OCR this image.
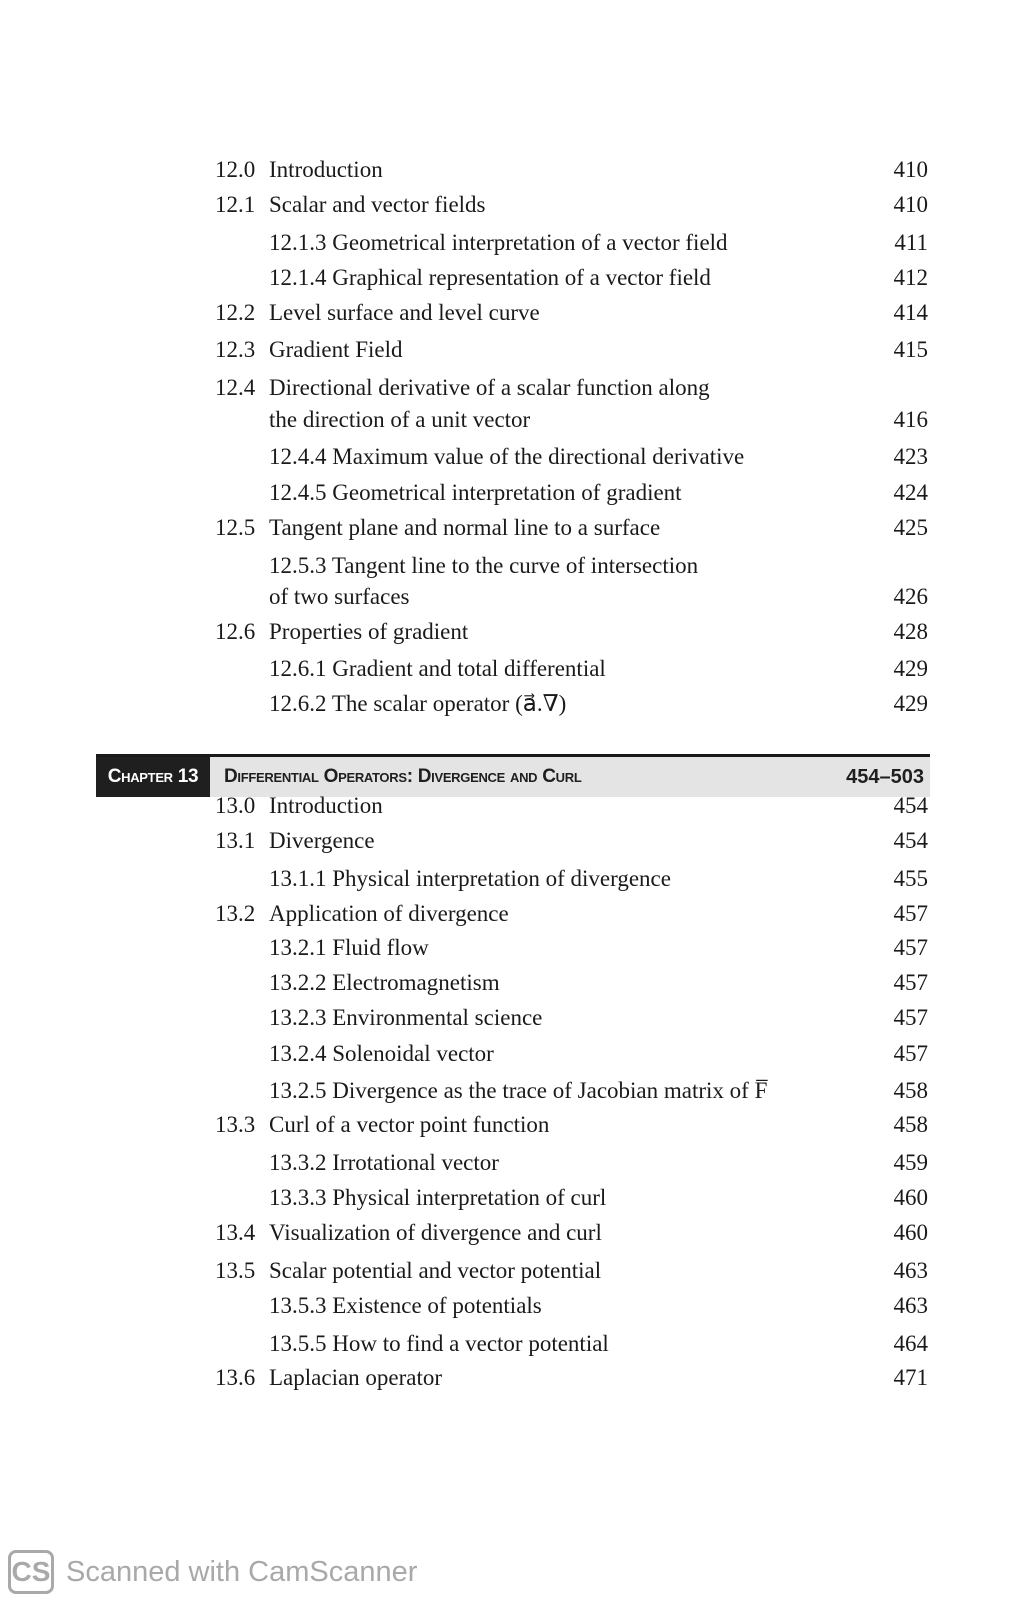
12.0 Introduction	410
12.1 Scalar and vector fields	410
12.1.3 Geometrical interpretation of a vector field	411
12.1.4 Graphical representation of a vector field	412
12.2 Level surface and level curve	414
12.3 Gradient Field	415
12.4 Directional derivative of a scalar function along
the direction of a unit vector	416
12.4.4 Maximum value of the directional derivative	423
12.4.5 Geometrical interpretation of gradient	424
12.5 Tangent plane and normal line to a surface	425
12.5.3 Tangent line to the curve of intersection
of two surfaces	426
12.6 Properties of gradient	428
12.6.1 Gradient and total differential	429
12.6.2 The scalar operator (a⃗.∇)	429
Chapter 13	Differential Operators: Divergence and Curl	454–503
13.0 Introduction	454
13.1 Divergence	454
13.1.1 Physical interpretation of divergence	455
13.2 Application of divergence	457
13.2.1 Fluid flow	457
13.2.2 Electromagnetism	457
13.2.3 Environmental science	457
13.2.4 Solenoidal vector	457
13.2.5 Divergence as the trace of Jacobian matrix of F̅	458
13.3 Curl of a vector point function	458
13.3.2 Irrotational vector	459
13.3.3 Physical interpretation of curl	460
13.4 Visualization of divergence and curl	460
13.5 Scalar potential and vector potential	463
13.5.3 Existence of potentials	463
13.5.5 How to find a vector potential	464
13.6 Laplacian operator	471
CS Scanned with CamScanner
